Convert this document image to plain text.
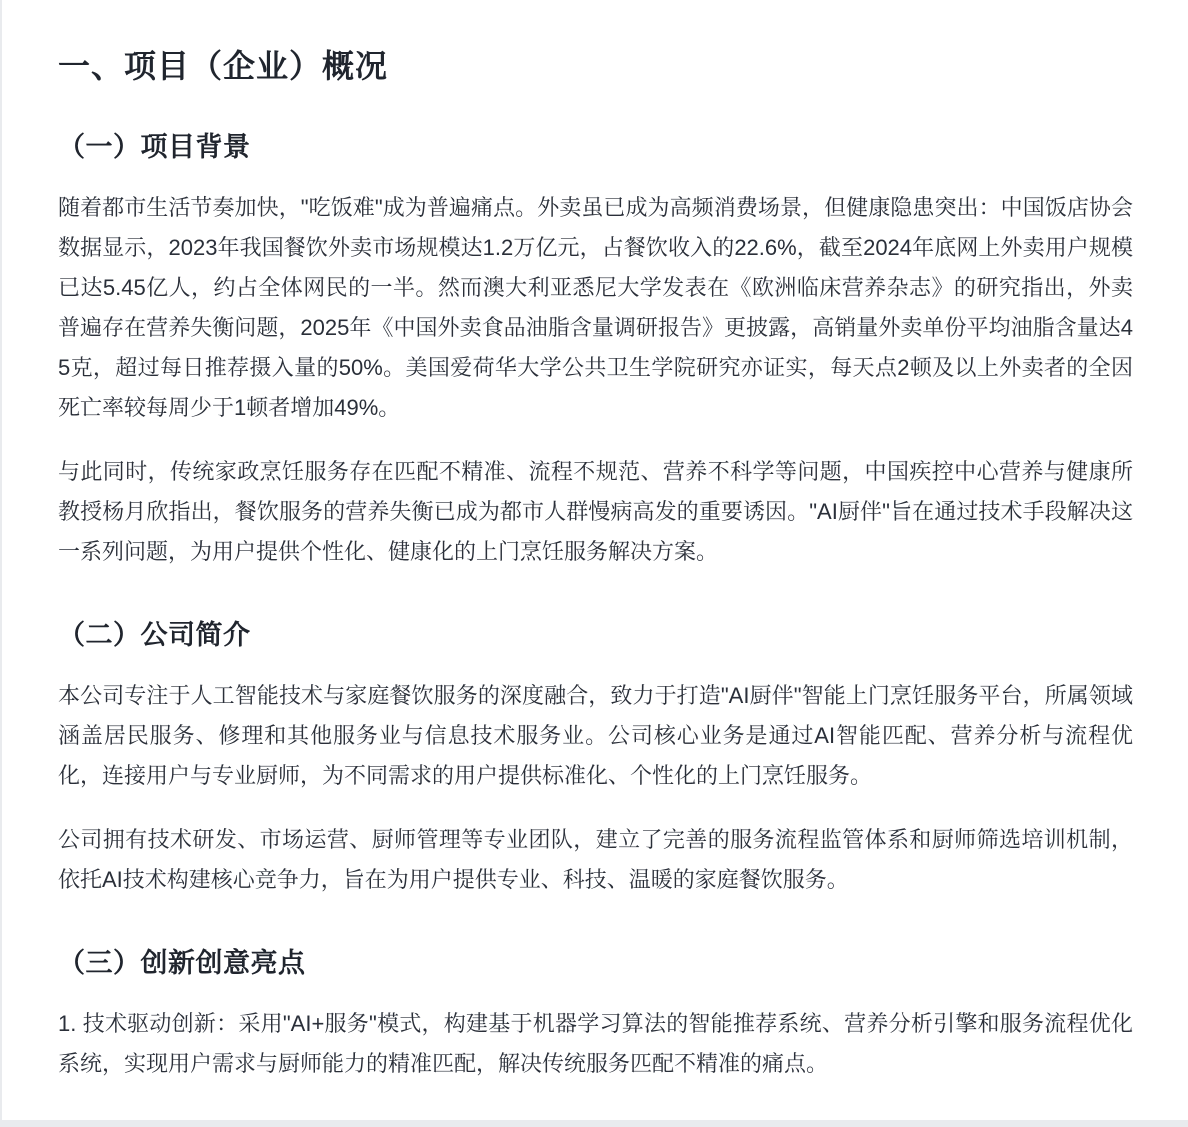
一、项目（企业）概况
（一）项目背景

随着都市生活节奏加快，"吃饭难"成为普遍痛点。外卖虽已成为高频消费场景，但健康隐患突出：中国饭店协会数据显示，2023年我国餐饮外卖市场规模达1.2万亿元，占餐饮收入的22.6%，截至2024年底网上外卖用户规模已达5.45亿人，约占全体网民的一半。然而澳大利亚悉尼大学发表在《欧洲临床营养杂志》的研究指出，外卖普遍存在营养失衡问题，2025年《中国外卖食品油脂含量调研报告》更披露，高销量外卖单份平均油脂含量达45克，超过每日推荐摄入量的50%。美国爱荷华大学公共卫生学院研究亦证实，每天点2顿及以上外卖者的全因死亡率较每周少于1顿者增加49%。

与此同时，传统家政烹饪服务存在匹配不精准、流程不规范、营养不科学等问题，中国疾控中心营养与健康所教授杨月欣指出，餐饮服务的营养失衡已成为都市人群慢病高发的重要诱因。"AI厨伴"旨在通过技术手段解决这一系列问题，为用户提供个性化、健康化的上门烹饪服务解决方案。

（二）公司简介

本公司专注于人工智能技术与家庭餐饮服务的深度融合，致力于打造"AI厨伴"智能上门烹饪服务平台，所属领域涵盖居民服务、修理和其他服务业与信息技术服务业。公司核心业务是通过AI智能匹配、营养分析与流程优化，连接用户与专业厨师，为不同需求的用户提供标准化、个性化的上门烹饪服务。

公司拥有技术研发、市场运营、厨师管理等专业团队，建立了完善的服务流程监管体系和厨师筛选培训机制，依托AI技术构建核心竞争力，旨在为用户提供专业、科技、温暖的家庭餐饮服务。

（三）创新创意亮点

1. 技术驱动创新：采用"AI+服务"模式，构建基于机器学习算法的智能推荐系统、营养分析引擎和服务流程优化系统，实现用户需求与厨师能力的精准匹配，解决传统服务匹配不精准的痛点。
